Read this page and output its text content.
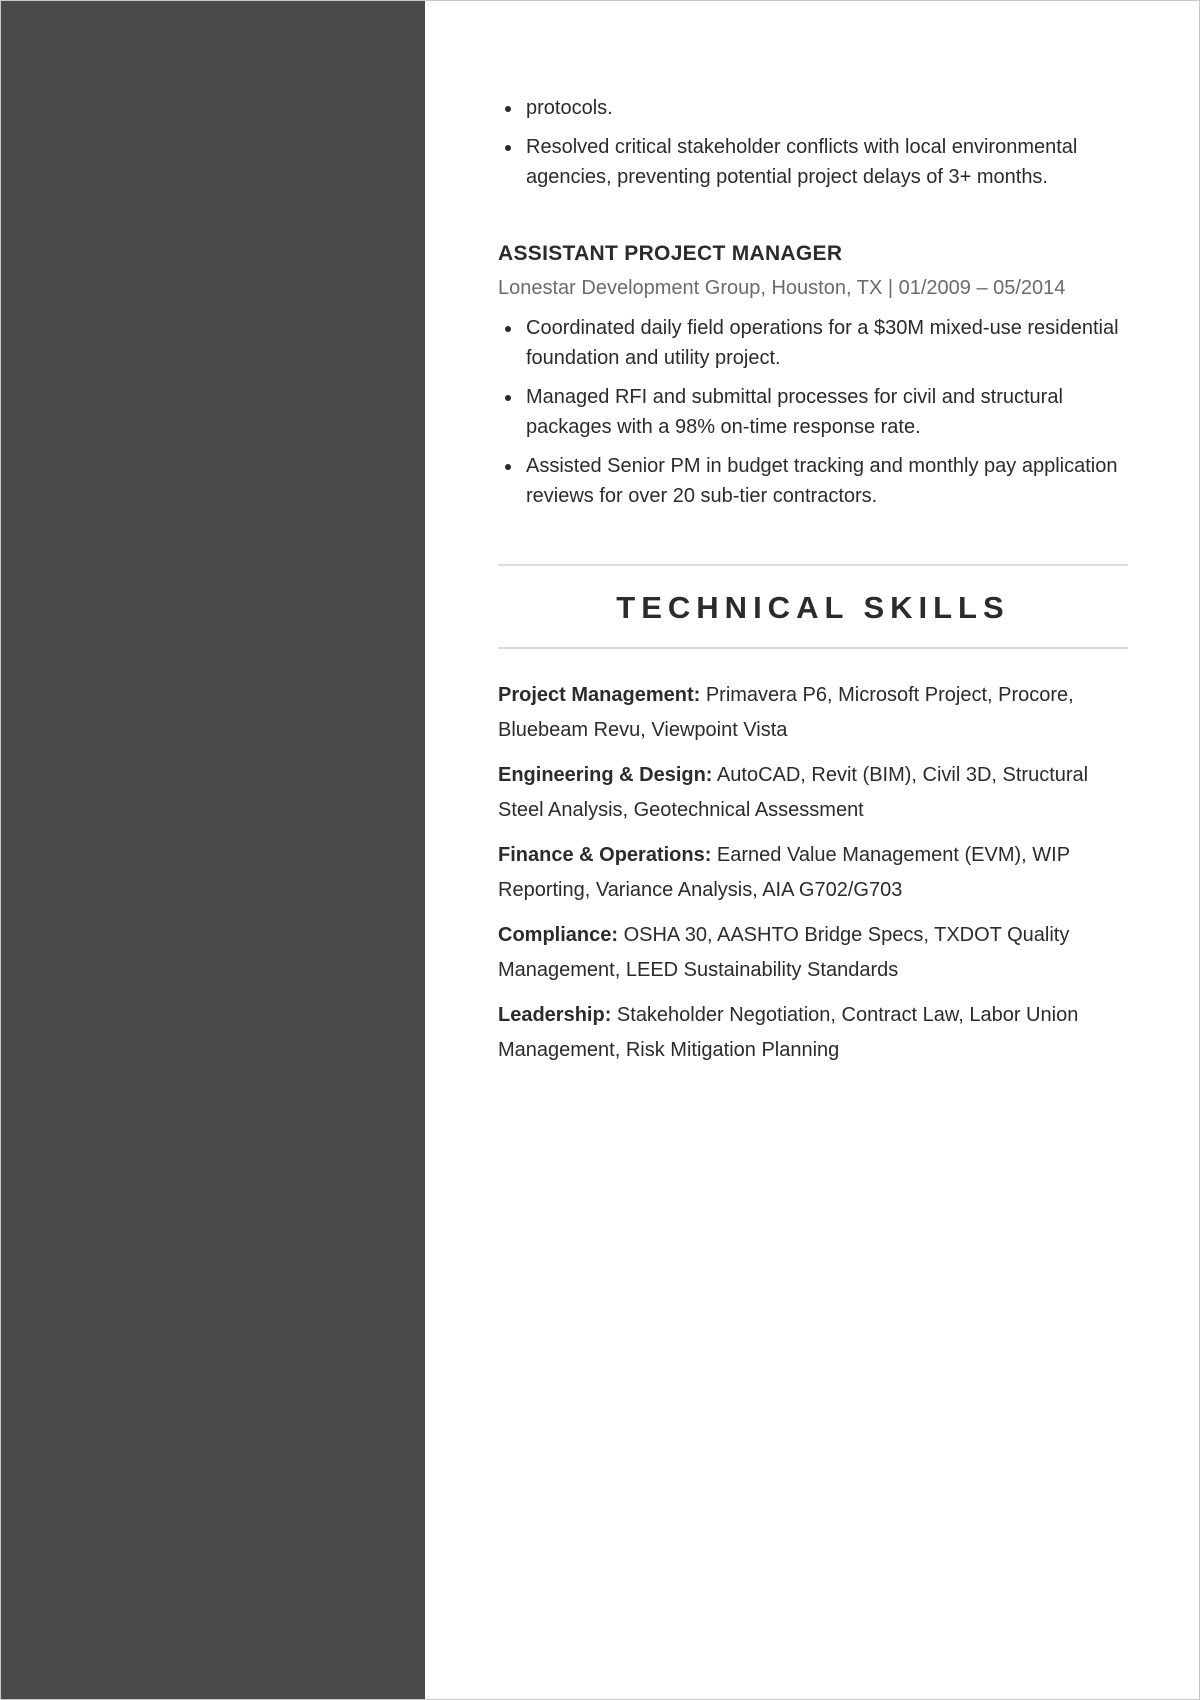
protocols.
Resolved critical stakeholder conflicts with local environmental agencies, preventing potential project delays of 3+ months.
ASSISTANT PROJECT MANAGER
Lonestar Development Group, Houston, TX | 01/2009 – 05/2014
Coordinated daily field operations for a $30M mixed-use residential foundation and utility project.
Managed RFI and submittal processes for civil and structural packages with a 98% on-time response rate.
Assisted Senior PM in budget tracking and monthly pay application reviews for over 20 sub-tier contractors.
TECHNICAL SKILLS
Project Management: Primavera P6, Microsoft Project, Procore, Bluebeam Revu, Viewpoint Vista
Engineering & Design: AutoCAD, Revit (BIM), Civil 3D, Structural Steel Analysis, Geotechnical Assessment
Finance & Operations: Earned Value Management (EVM), WIP Reporting, Variance Analysis, AIA G702/G703
Compliance: OSHA 30, AASHTO Bridge Specs, TXDOT Quality Management, LEED Sustainability Standards
Leadership: Stakeholder Negotiation, Contract Law, Labor Union Management, Risk Mitigation Planning
